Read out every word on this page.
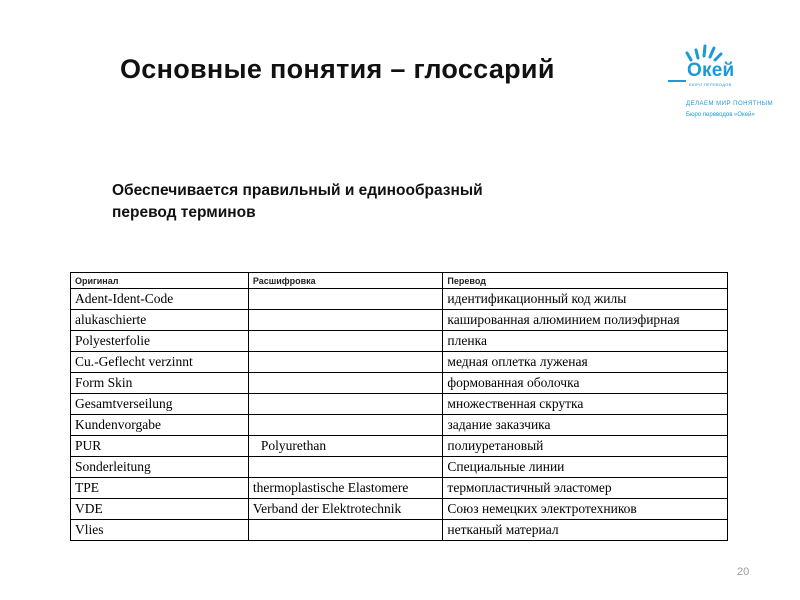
Основные понятия – глоссарий	Окей
БЮРО ПЕРЕВОДОВ
ДЕЛАЕМ МИР ПОНЯТНЫМ
Бюро переводов «Окей»
Обеспечивается правильный и единообразный
перевод терминов
Оригинал	Расшифровка	Перевод
Adent-Ident-Code		идентификационный код жилы
alukaschierte		кашированная алюминием полиэфирная
Polyesterfolie		пленка
Cu.-Geflecht verzinnt		медная оплетка луженая
Form Skin		формованная оболочка
Gesamtverseilung		множественная скрутка
Kundenvorgabe		задание заказчика
PUR	Polyurethan	полиуретановый
Sonderleitung		Специальные линии
TPE	thermoplastische Elastomere	термопластичный эластомер
VDE	Verband der Elektrotechnik	Союз немецких электротехников
Vlies		нетканый материал
20
